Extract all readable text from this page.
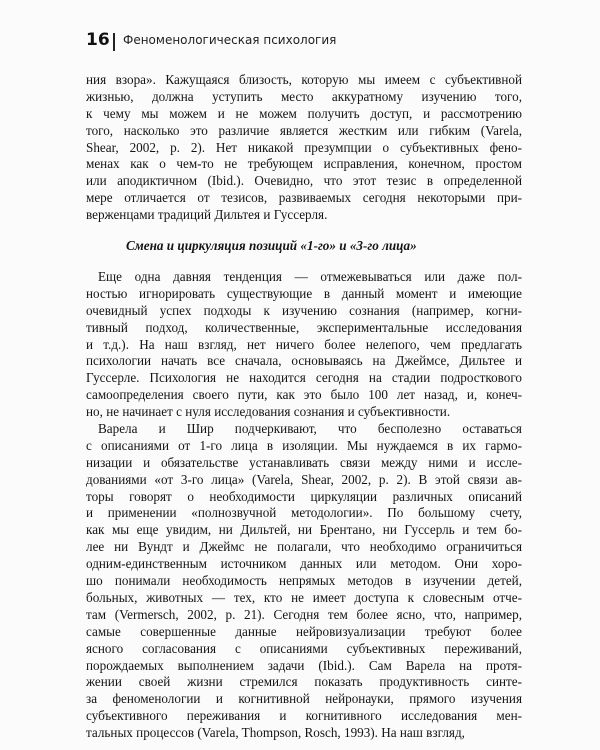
16 Феноменологическая психология

ния взора». Кажущаяся близость, которую мы имеем с субъективной

жизнью, должна уступить место аккуратному изучению того,

к чему мы можем и не можем получить доступ, и рассмотрению

того, насколько это различие является жестким или гибким (Varela,

Shear, 2002, p. 2). Нет никакой презумпции о субъективных фено-

менах как о чем-то не требующем исправления, конечном, простом

или аподиктичном (Ibid.). Очевидно, что этот тезис в определенной

мере отличается от тезисов, развиваемых сегодня некоторыми при-

верженцами традиций Дильтея и Гуссерля.

Смена и циркуляция позиций «1-го» и «3-го лица»

Еще одна давняя тенденция — отмежевываться или даже пол-

ностью игнорировать существующие в данный момент и имеющие

очевидный успех подходы к изучению сознания (например, когни-

тивный подход, количественные, экспериментальные исследования

и т.д.). На наш взгляд, нет ничего более нелепого, чем предлагать

психологии начать все сначала, основываясь на Джеймсе, Дильтее и

Гуссерле. Психология не находится сегодня на стадии подросткового

самоопределения своего пути, как это было 100 лет назад, и, конеч-

но, не начинает с нуля исследования сознания и субъективности.

Варела и Шир подчеркивают, что бесполезно оставаться

с описаниями от 1-го лица в изоляции. Мы нуждаемся в их гармо-

низации и обязательстве устанавливать связи между ними и иссле-

дованиями «от 3-го лица» (Varela, Shear, 2002, p. 2). В этой связи ав-

торы говорят о необходимости циркуляции различных описаний

и применении «полнозвучной методологии». По большому счету,

как мы еще увидим, ни Дильтей, ни Брентано, ни Гуссерль и тем бо-

лее ни Вундт и Джеймс не полагали, что необходимо ограничиться

одним-единственным источником данных или методом. Они хоро-

шо понимали необходимость непрямых методов в изучении детей,

больных, животных — тех, кто не имеет доступа к словесным отче-

там (Vermersch, 2002, p. 21). Сегодня тем более ясно, что, например,

самые совершенные данные нейровизуализации требуют более

ясного согласования с описаниями субъективных переживаний,

порождаемых выполнением задачи (Ibid.). Сам Варела на протя-

жении своей жизни стремился показать продуктивность синте-

за феноменологии и когнитивной нейронауки, прямого изучения

субъективного переживания и когнитивного исследования мен-

тальных процессов (Varela, Thompson, Rosch, 1993). На наш взгляд,
